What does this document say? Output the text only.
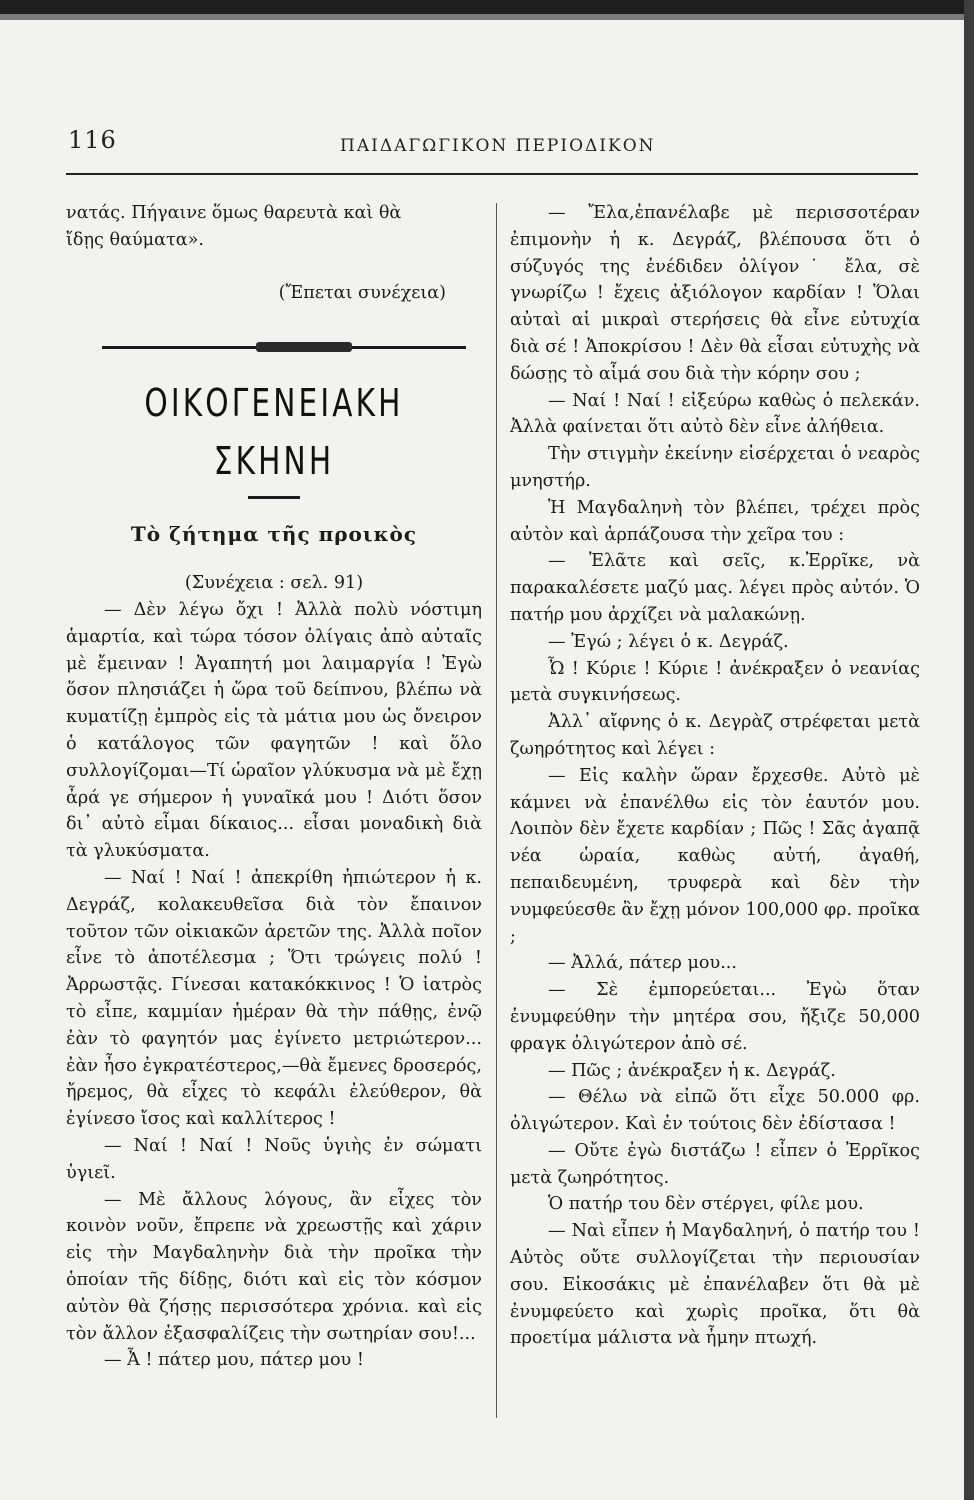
116	ΠΑΙΔΑΓΩΓΙΚΟΝ ΠΕΡΙΟΔΙΚΟΝ

νατάς. Πήγαινε ὅμως θαρευτὰ καὶ θὰ
ἴδῃς θαύματα».

(Ἔπεται συνέχεια)

ΟΙΚΟΓΕΝΕΙΑΚΗ ΣΚΗΝΗ
Τὸ ζήτημα τῆς προικὸς
(Συνέχεια : σελ. 91)

— Δὲν λέγω ὄχι ! Ἀλλὰ πολὺ νόστιμη ἁμαρτία, καὶ τώρα τόσον ὀλίγαις ἀπὸ αὐταῖς μὲ ἔμειναν ! Ἀγαπητή μοι λαιμαργία ! Ἐγὼ ὅσον πλησιάζει ἡ ὥρα τοῦ δείπνου, βλέπω νὰ κυματίζῃ ἐμπρὸς εἰς τὰ μάτια μου ὡς ὄνειρον ὁ κατάλογος τῶν φαγητῶν ! καὶ ὅλο συλλογίζομαι—Τί ὡραῖον γλύκυσμα νὰ μὲ ἔχῃ ἆρά γε σήμερον ἡ γυναῖκά μου ! Διότι ὅσον δι᾽ αὐτὸ εἶμαι δίκαιος... εἶσαι μοναδικὴ διὰ τὰ γλυκύσματα.

— Ναί ! Ναί ! ἀπεκρίθη ἠπιώτερον ἡ κ. Δεγράζ, κολακευθεῖσα διὰ τὸν ἔπαινον τοῦτον τῶν οἰκιακῶν ἀρετῶν της. Ἀλλὰ ποῖον εἶνε τὸ ἀποτέλεσμα ; Ὅτι τρώγεις πολύ ! Ἀρρωστᾷς. Γίνεσαι κατακόκκινος ! Ὁ ἰατρὸς τὸ εἶπε, καμμίαν ἡμέραν θὰ τὴν πάθῃς, ἐνῷ ἐὰν τὸ φαγητόν μας ἐγίνετο μετριώτερον... ἐὰν ἦσο ἐγκρατέστερος,—θὰ ἔμενες δροσερός, ἤρεμος, θὰ εἶχες τὸ κεφάλι ἐλεύθερον, θὰ ἐγίνεσο ἴσος καὶ καλλίτερος !

— Ναί ! Ναί ! Νοῦς ὑγιὴς ἐν σώματι ὑγιεῖ.

— Μὲ ἄλλους λόγους, ἂν εἶχες τὸν κοινὸν νοῦν, ἔπρεπε νὰ χρεωστῇς καὶ χάριν εἰς τὴν Μαγδαληνὴν διὰ τὴν προῖκα τὴν ὁποίαν τῆς δίδῃς, διότι καὶ εἰς τὸν κόσμον αὐτὸν θὰ ζήσῃς περισσότερα χρόνια. καὶ εἰς τὸν ἄλλον ἐξασφαλίζεις τὴν σωτηρίαν σου!...

— Ἆ ! πάτερ μου, πάτερ μου !

— Ἔλα,ἐπανέλαβε μὲ περισσοτέραν ἐπιμονὴν ἡ κ. Δεγράζ, βλέπουσα ὅτι ὁ σύζυγός της ἐνέδιδεν ὀλίγον˙ ἔλα, σὲ γνωρίζω ! ἔχεις ἀξιόλογον καρδίαν ! Ὅλαι αὐταὶ αἱ μικραὶ στερήσεις θὰ εἶνε εὐτυχία διὰ σέ ! Ἀποκρίσου ! Δὲν θὰ εἶσαι εὐτυχὴς νὰ δώσῃς τὸ αἷμά σου διὰ τὴν κόρην σου ;

— Ναί ! Ναί ! εἰξεύρω καθὼς ὁ πελεκάν. Ἀλλὰ φαίνεται ὅτι αὐτὸ δὲν εἶνε ἀλήθεια.

Τὴν στιγμὴν ἐκείνην εἰσέρχεται ὁ νεαρὸς μνηστήρ.

Ἡ Μαγδαληνὴ τὸν βλέπει, τρέχει πρὸς αὐτὸν καὶ ἁρπάζουσα τὴν χεῖρα του :

— Ἐλᾶτε καὶ σεῖς, κ.Ἐρρῖκε, νὰ παρακαλέσετε μαζύ μας. λέγει πρὸς αὐτόν. Ὁ πατήρ μου ἀρχίζει νὰ μαλακώνῃ.

— Ἐγώ ; λέγει ὁ κ. Δεγράζ.

Ὦ ! Κύριε ! Κύριε ! ἀνέκραξεν ὁ νεανίας μετὰ συγκινήσεως.

Ἀλλ᾽ αἴφνης ὁ κ. Δεγρὰζ στρέφεται μετὰ ζωηρότητος καὶ λέγει :

— Εἰς καλὴν ὥραν ἔρχεσθε. Αὐτὸ μὲ κάμνει νὰ ἐπανέλθω εἰς τὸν ἑαυτόν μου. Λοιπὸν δὲν ἔχετε καρδίαν ; Πῶς ! Σᾶς ἀγαπᾷ νέα ὡραία, καθὼς αὐτή, ἀγαθή, πεπαιδευμένη, τρυφερὰ καὶ δὲν τὴν νυμφεύεσθε ἂν ἔχῃ μόνον 100,000 φρ. προῖκα ;

— Ἀλλά, πάτερ μου...

— Σὲ ἐμπορεύεται... Ἐγὼ ὅταν ἐνυμφεύθην τὴν μητέρα σου, ἤξιζε 50,000 φραγκ ὀλιγώτερον ἀπὸ σέ.

— Πῶς ; ἀνέκραξεν ἡ κ. Δεγράζ.

— Θέλω νὰ εἰπῶ ὅτι εἶχε 50.000 φρ. ὀλιγώτερον. Καὶ ἐν τούτοις δὲν ἐδίστασα !

— Οὔτε ἐγὼ διστάζω ! εἶπεν ὁ Ἐρρῖκος μετὰ ζωηρότητος.

Ὁ πατήρ του δὲν στέργει, φίλε μου.

— Ναὶ εἶπεν ἡ Μαγδαληνή, ὁ πατήρ του ! Αὐτὸς οὔτε συλλογίζεται τὴν περιουσίαν σου. Εἰκοσάκις μὲ ἐπανέλαβεν ὅτι θὰ μὲ ἐνυμφεύετο καὶ χωρὶς προῖκα, ὅτι θὰ προετίμα μάλιστα νὰ ἦμην πτωχή.
